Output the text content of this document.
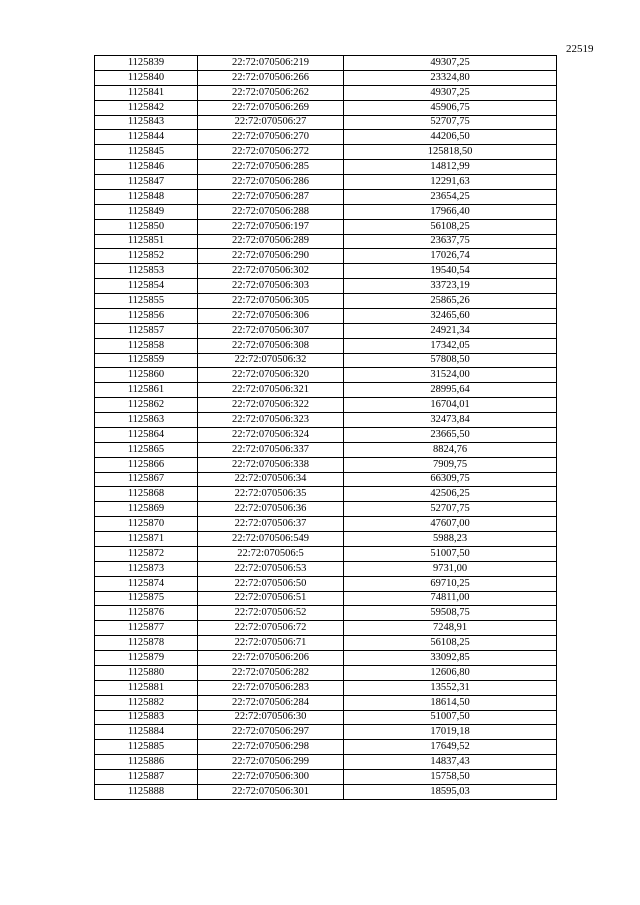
22519
1125839	22:72:070506:219	49307,25
1125840	22:72:070506:266	23324,80
1125841	22:72:070506:262	49307,25
1125842	22:72:070506:269	45906,75
1125843	22:72:070506:27	52707,75
1125844	22:72:070506:270	44206,50
1125845	22:72:070506:272	125818,50
1125846	22:72:070506:285	14812,99
1125847	22:72:070506:286	12291,63
1125848	22:72:070506:287	23654,25
1125849	22:72:070506:288	17966,40
1125850	22:72:070506:197	56108,25
1125851	22:72:070506:289	23637,75
1125852	22:72:070506:290	17026,74
1125853	22:72:070506:302	19540,54
1125854	22:72:070506:303	33723,19
1125855	22:72:070506:305	25865,26
1125856	22:72:070506:306	32465,60
1125857	22:72:070506:307	24921,34
1125858	22:72:070506:308	17342,05
1125859	22:72:070506:32	57808,50
1125860	22:72:070506:320	31524,00
1125861	22:72:070506:321	28995,64
1125862	22:72:070506:322	16704,01
1125863	22:72:070506:323	32473,84
1125864	22:72:070506:324	23665,50
1125865	22:72:070506:337	8824,76
1125866	22:72:070506:338	7909,75
1125867	22:72:070506:34	66309,75
1125868	22:72:070506:35	42506,25
1125869	22:72:070506:36	52707,75
1125870	22:72:070506:37	47607,00
1125871	22:72:070506:549	5988,23
1125872	22:72:070506:5	51007,50
1125873	22:72:070506:53	9731,00
1125874	22:72:070506:50	69710,25
1125875	22:72:070506:51	74811,00
1125876	22:72:070506:52	59508,75
1125877	22:72:070506:72	7248,91
1125878	22:72:070506:71	56108,25
1125879	22:72:070506:206	33092,85
1125880	22:72:070506:282	12606,80
1125881	22:72:070506:283	13552,31
1125882	22:72:070506:284	18614,50
1125883	22:72:070506:30	51007,50
1125884	22:72:070506:297	17019,18
1125885	22:72:070506:298	17649,52
1125886	22:72:070506:299	14837,43
1125887	22:72:070506:300	15758,50
1125888	22:72:070506:301	18595,03
